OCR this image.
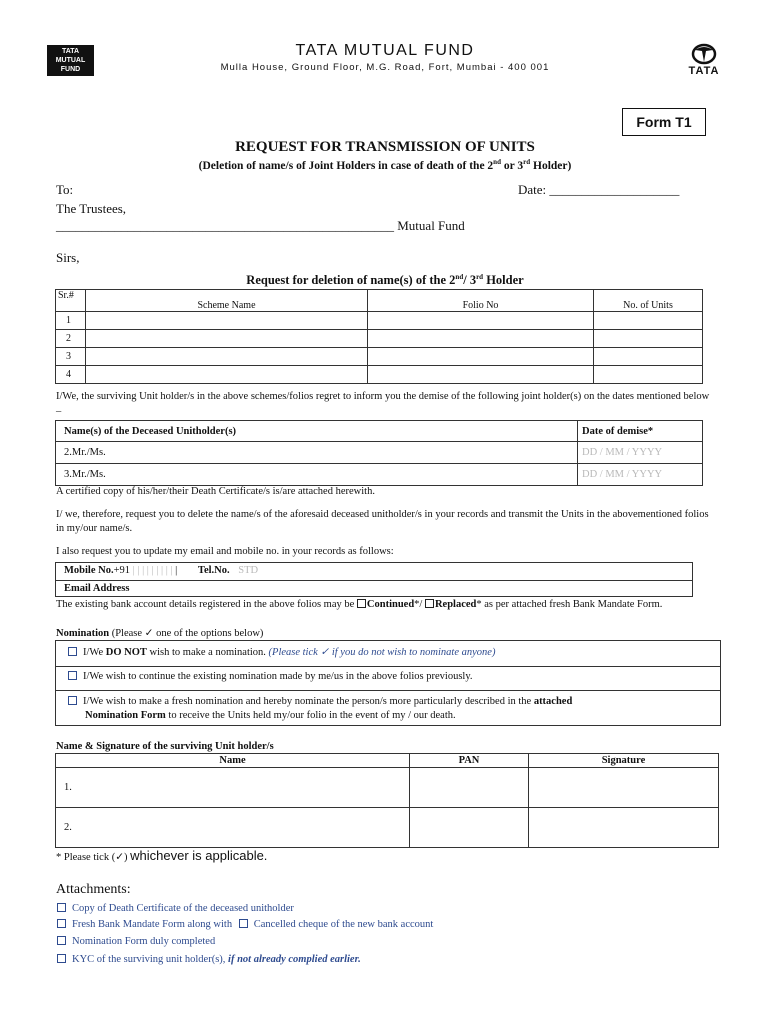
TATA
MUTUAL
FUND
TATA MUTUAL FUND
Mulla House, Ground Floor, M.G. Road, Fort, Mumbai - 400 001	TATA
Form T1
REQUEST FOR TRANSMISSION OF UNITS
(Deletion of name/s of Joint Holders in case of death of the 2nd or 3rd Holder)
To:	Date: ____________________
The Trustees,
____________________________________________________ Mutual Fund
Sirs,
Request for deletion of name(s) of the 2nd/ 3rd Holder
Sr.#	Scheme Name	Folio No	No. of Units
1			
2			
3			
4			
I/We, the surviving Unit holder/s in the above schemes/folios regret to inform you the demise of the following joint holder(s) on the dates mentioned below –
Name(s) of the Deceased Unitholder(s)	Date of demise*
2.Mr./Ms.	DD / MM / YYYY
3.Mr./Ms.	DD / MM / YYYY
A certified copy of his/her/their Death Certificate/s is/are attached herewith.
I/ we, therefore, request you to delete the name/s of the aforesaid deceased unitholder/s in your records and transmit the Units in the abovementioned folios in my/our name/s.
I also request you to update my email and mobile no. in your records as follows:
Mobile No.+91 | | | | | | | | | | Tel.No. STD
Email Address
The existing bank account details registered in the above folios may be Continued*/ Replaced* as per attached fresh Bank Mandate Form.
Nomination (Please ✓ one of the options below)
I/We DO NOT wish to make a nomination. (Please tick ✓ if you do not wish to nominate anyone)
I/We wish to continue the existing nomination made by me/us in the above folios previously.
I/We wish to make a fresh nomination and hereby nominate the person/s more particularly described in the attached
Nomination Form to receive the Units held my/our folio in the event of my / our death.
Name & Signature of the surviving Unit holder/s
Name	PAN	Signature
1.		
2.		
* Please tick (✓) whichever is applicable.
Attachments:
Copy of Death Certificate of the deceased unitholder
Fresh Bank Mandate Form along with Cancelled cheque of the new bank account
Nomination Form duly completed
KYC of the surviving unit holder(s), if not already complied earlier.
